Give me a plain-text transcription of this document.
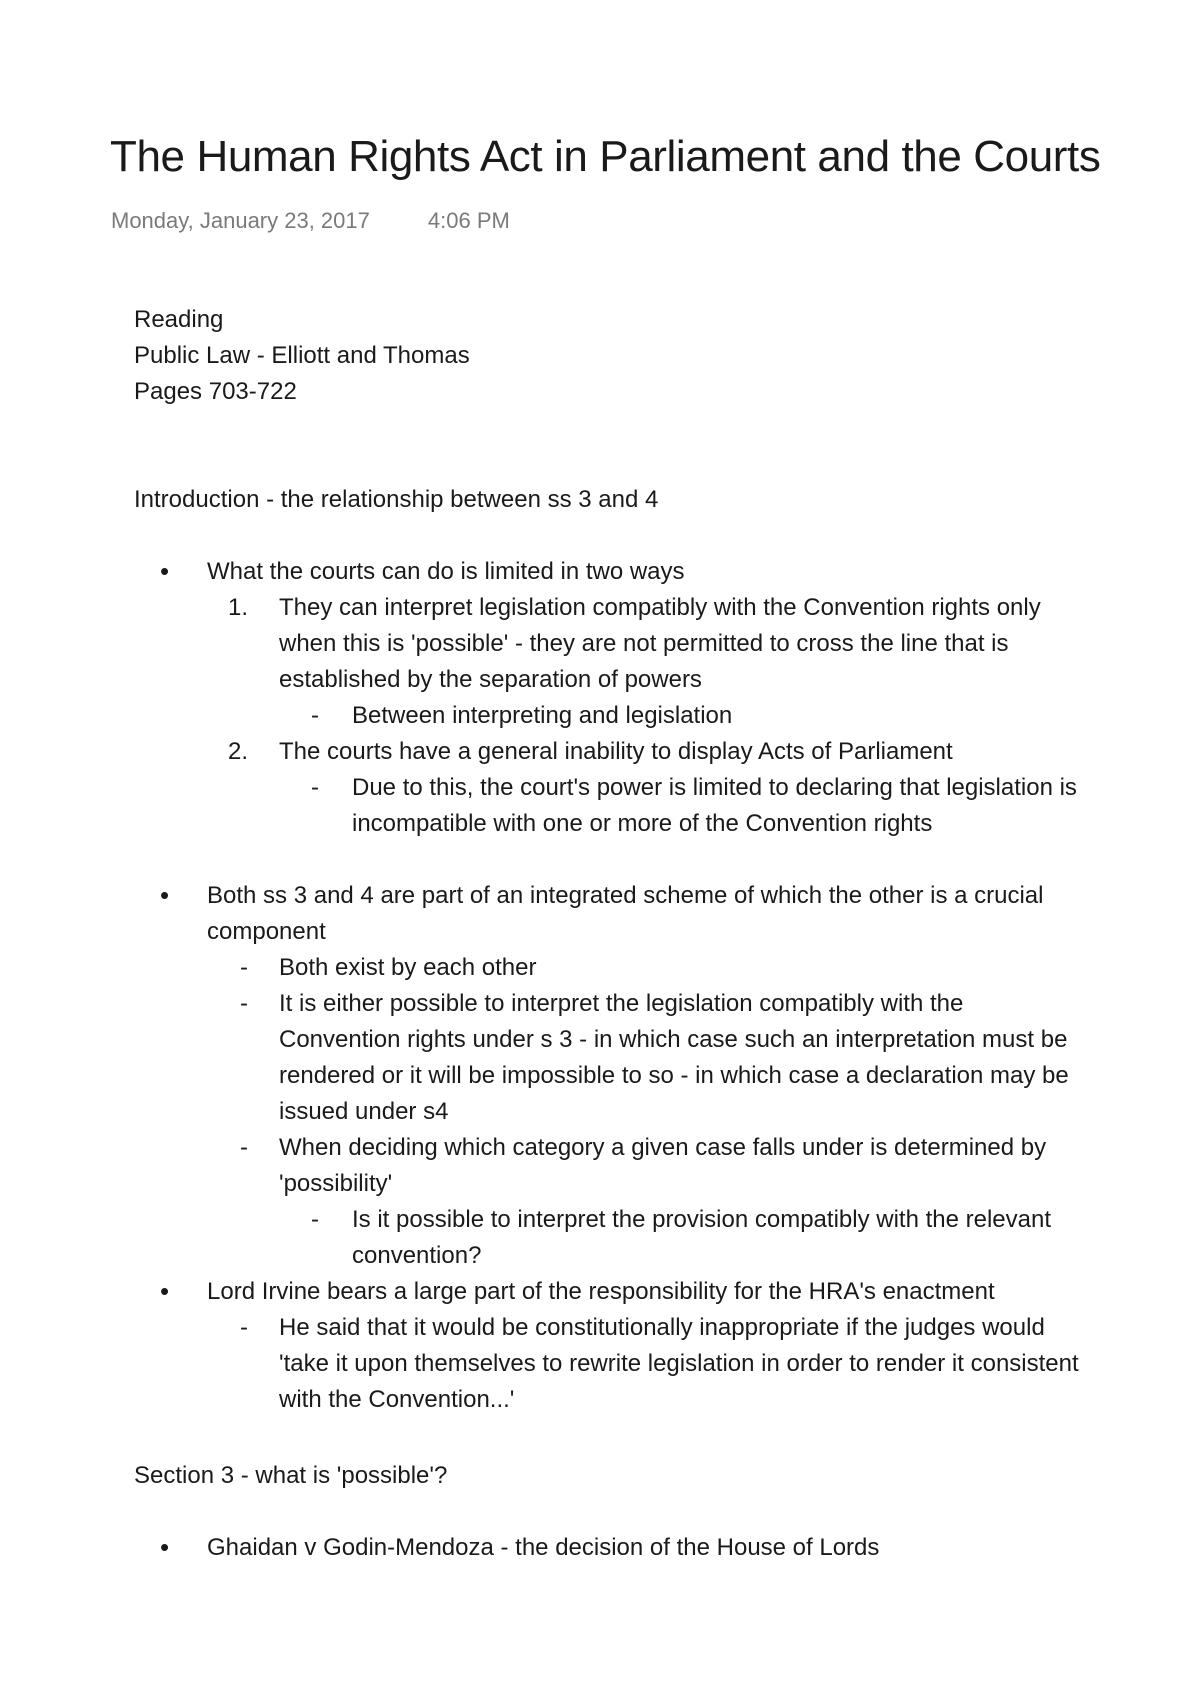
The Human Rights Act in Parliament and the Courts
Monday, January 23, 2017	4:06 PM
Reading
Public Law - Elliott and Thomas
Pages 703-722
Introduction - the relationship between ss 3 and 4
• What the courts can do is limited in two ways
1. They can interpret legislation compatibly with the Convention rights only
when this is 'possible' - they are not permitted to cross the line that is
established by the separation of powers
- Between interpreting and legislation
2. The courts have a general inability to display Acts of Parliament
- Due to this, the court's power is limited to declaring that legislation is
incompatible with one or more of the Convention rights
• Both ss 3 and 4 are part of an integrated scheme of which the other is a crucial
component
- Both exist by each other
- It is either possible to interpret the legislation compatibly with the
Convention rights under s 3 - in which case such an interpretation must be
rendered or it will be impossible to so - in which case a declaration may be
issued under s4
- When deciding which category a given case falls under is determined by
'possibility'
- Is it possible to interpret the provision compatibly with the relevant
convention?
• Lord Irvine bears a large part of the responsibility for the HRA's enactment
- He said that it would be constitutionally inappropriate if the judges would
'take it upon themselves to rewrite legislation in order to render it consistent
with the Convention...'
Section 3 - what is 'possible'?
• Ghaidan v Godin-Mendoza - the decision of the House of Lords
